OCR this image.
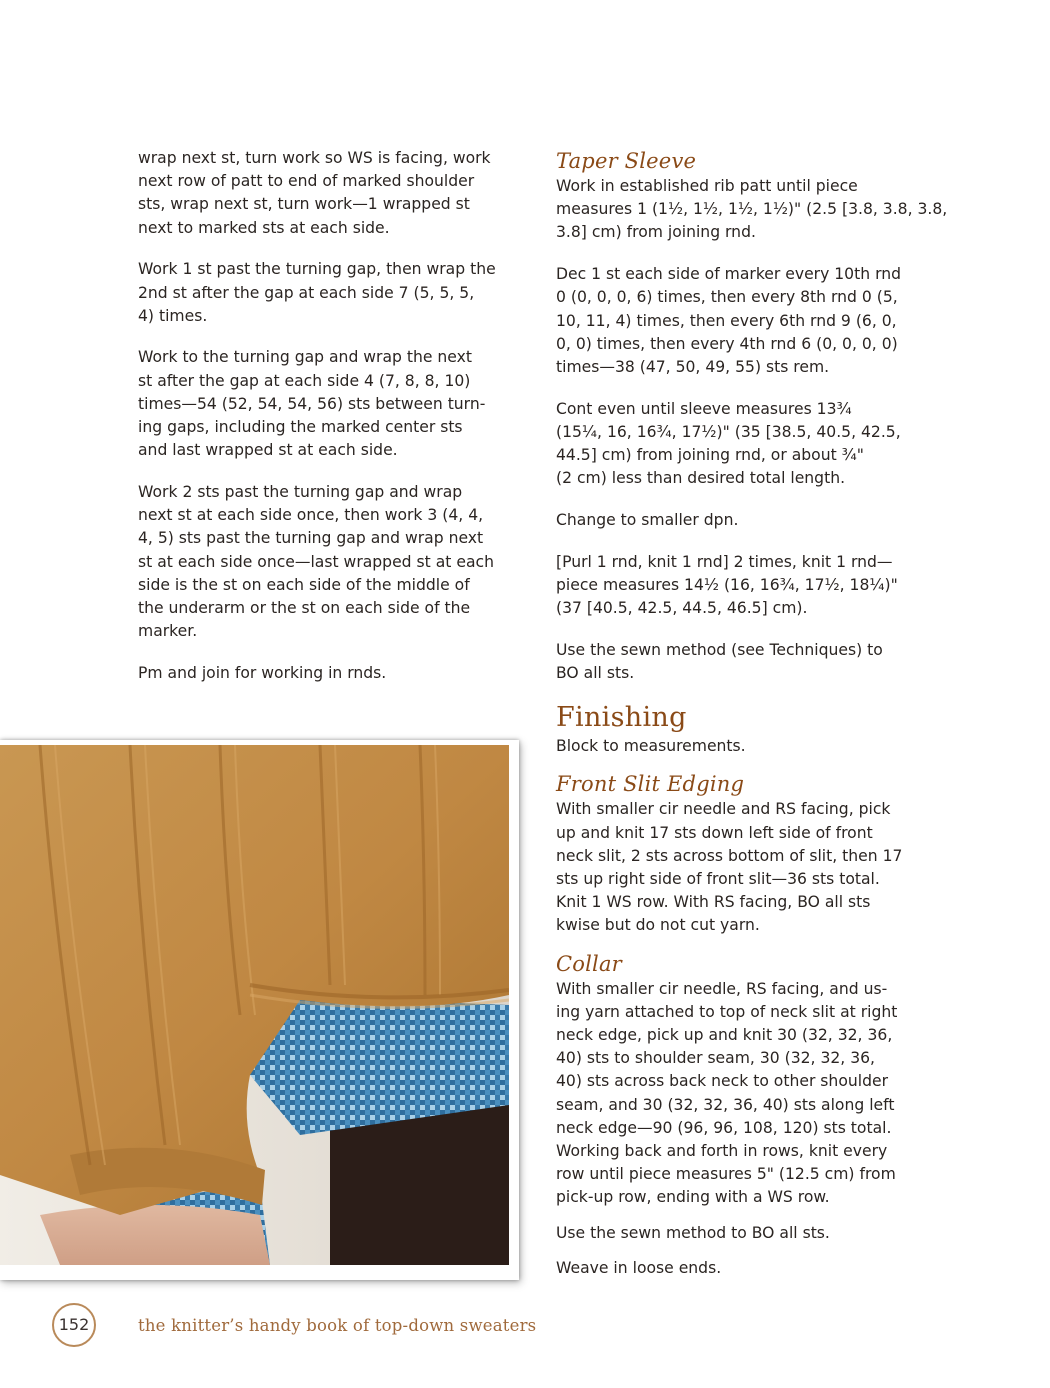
wrap next st, turn work so WS is facing, work
next row of patt to end of marked shoulder
sts, wrap next st, turn work—1 wrapped st
next to marked sts at each side.

Work 1 st past the turning gap, then wrap the
2nd st after the gap at each side 7 (5, 5, 5,
4) times.

Work to the turning gap and wrap the next
st after the gap at each side 4 (7, 8, 8, 10)
times—54 (52, 54, 54, 56) sts between turn-
ing gaps, including the marked center sts
and last wrapped st at each side.

Work 2 sts past the turning gap and wrap
next st at each side once, then work 3 (4, 4,
4, 5) sts past the turning gap and wrap next
st at each side once—last wrapped st at each
side is the st on each side of the middle of
the underarm or the st on each side of the
marker.

Pm and join for working in rnds.

Taper Sleeve

Work in established rib patt until piece
measures 1 (1½, 1½, 1½, 1½)" (2.5 [3.8, 3.8, 3.8,
3.8] cm) from joining rnd.

Dec 1 st each side of marker every 10th rnd
0 (0, 0, 0, 6) times, then every 8th rnd 0 (5,
10, 11, 4) times, then every 6th rnd 9 (6, 0,
0, 0) times, then every 4th rnd 6 (0, 0, 0, 0)
times—38 (47, 50, 49, 55) sts rem.

Cont even until sleeve measures 13¾
(15¼, 16, 16¾, 17½)" (35 [38.5, 40.5, 42.5,
44.5] cm) from joining rnd, or about ¾"
(2 cm) less than desired total length.

Change to smaller dpn.

[Purl 1 rnd, knit 1 rnd] 2 times, knit 1 rnd—
piece measures 14½ (16, 16¾, 17½, 18¼)"
(37 [40.5, 42.5, 44.5, 46.5] cm).

Use the sewn method (see Techniques) to
BO all sts.

Finishing

Block to measurements.

Front Slit Edging

With smaller cir needle and RS facing, pick
up and knit 17 sts down left side of front
neck slit, 2 sts across bottom of slit, then 17
sts up right side of front slit—36 sts total.
Knit 1 WS row. With RS facing, BO all sts
kwise but do not cut yarn.

Collar

With smaller cir needle, RS facing, and us-
ing yarn attached to top of neck slit at right
neck edge, pick up and knit 30 (32, 32, 36,
40) sts to shoulder seam, 30 (32, 32, 36,
40) sts across back neck to other shoulder
seam, and 30 (32, 32, 36, 40) sts along left
neck edge—90 (96, 96, 108, 120) sts total.
Working back and forth in rows, knit every
row until piece measures 5" (12.5 cm) from
pick-up row, ending with a WS row.

Use the sewn method to BO all sts.

Weave in loose ends.

152	the knitter’s handy book of top-down sweaters
